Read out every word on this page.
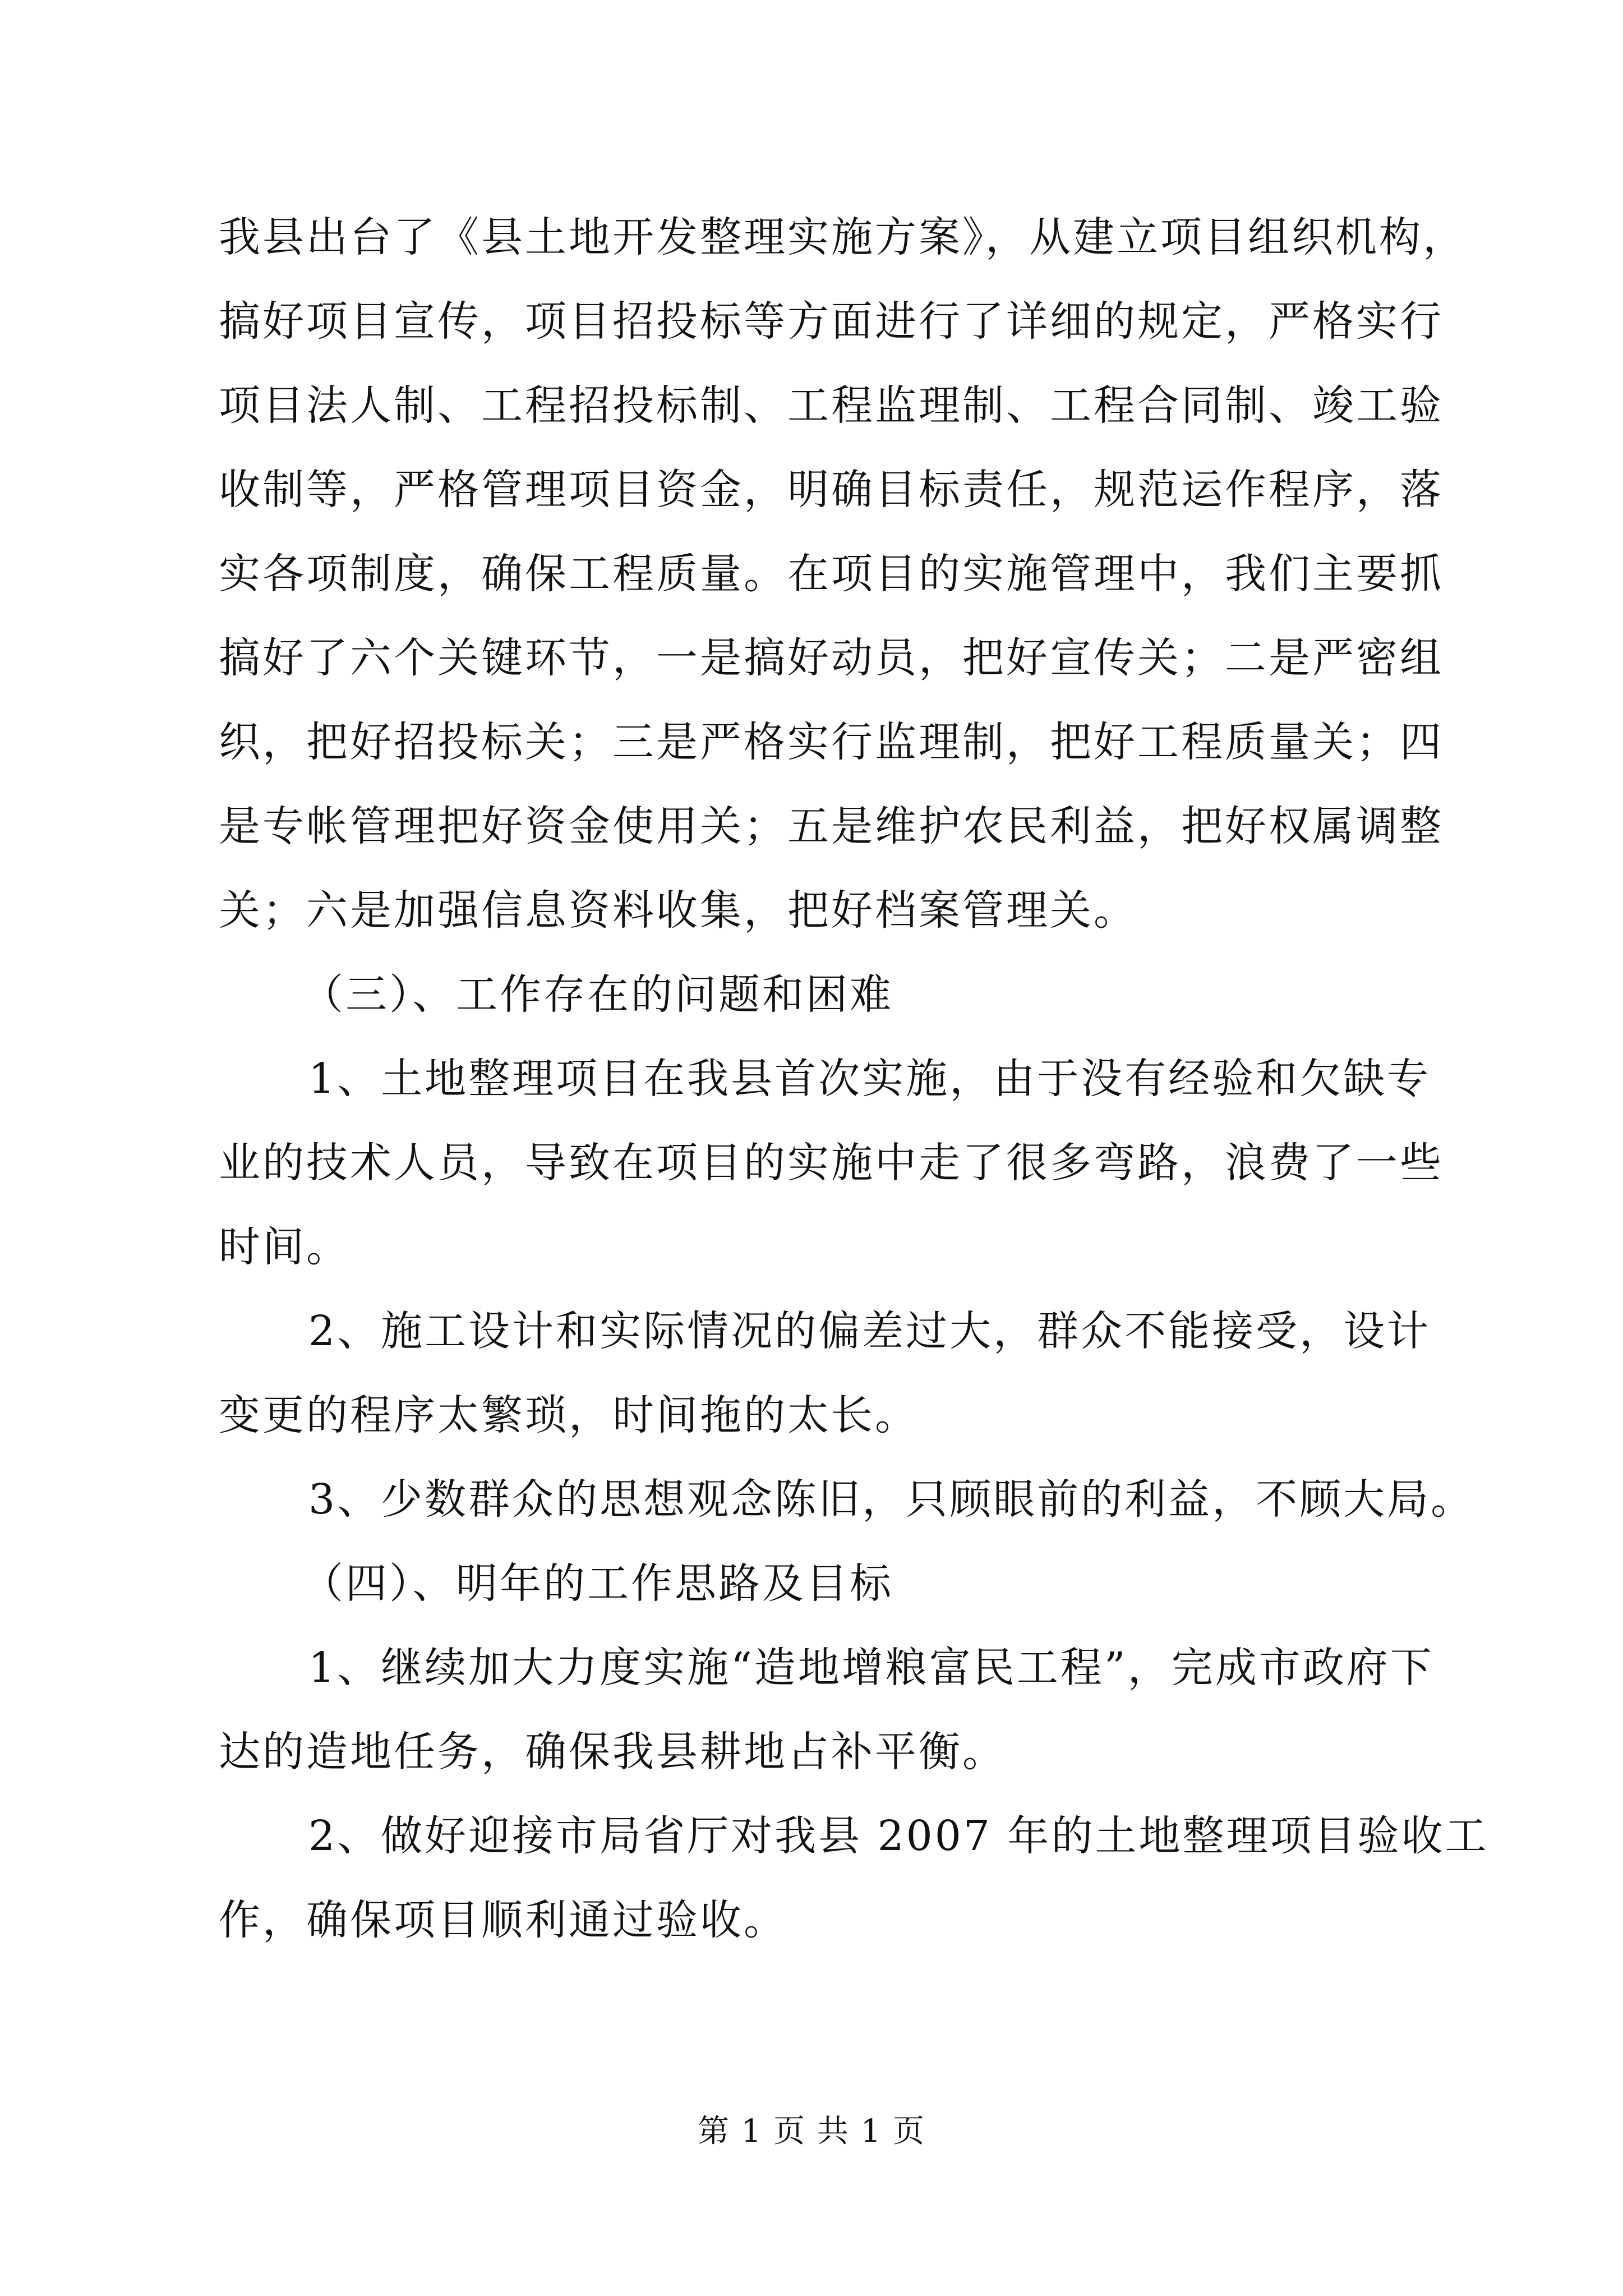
我县出台了《县土地开发整理实施方案》，从建立项目组织机构，
搞好项目宣传，项目招投标等方面进行了详细的规定，严格实行
项目法人制、工程招投标制、工程监理制、工程合同制、竣工验
收制等，严格管理项目资金，明确目标责任，规范运作程序，落
实各项制度，确保工程质量。在项目的实施管理中，我们主要抓
搞好了六个关键环节，一是搞好动员，把好宣传关；二是严密组
织，把好招投标关；三是严格实行监理制，把好工程质量关；四
是专帐管理把好资金使用关；五是维护农民利益，把好权属调整
关；六是加强信息资料收集，把好档案管理关。
（三）、工作存在的问题和困难
1、土地整理项目在我县首次实施，由于没有经验和欠缺专
业的技术人员，导致在项目的实施中走了很多弯路，浪费了一些
时间。
2、施工设计和实际情况的偏差过大，群众不能接受，设计
变更的程序太繁琐，时间拖的太长。
3、少数群众的思想观念陈旧，只顾眼前的利益，不顾大局。
（四）、明年的工作思路及目标
1、继续加大力度实施“造地增粮富民工程”，完成市政府下
达的造地任务，确保我县耕地占补平衡。
2、做好迎接市局省厅对我县 2007 年的土地整理项目验收工
作，确保项目顺利通过验收。
第 1 页 共 1 页
